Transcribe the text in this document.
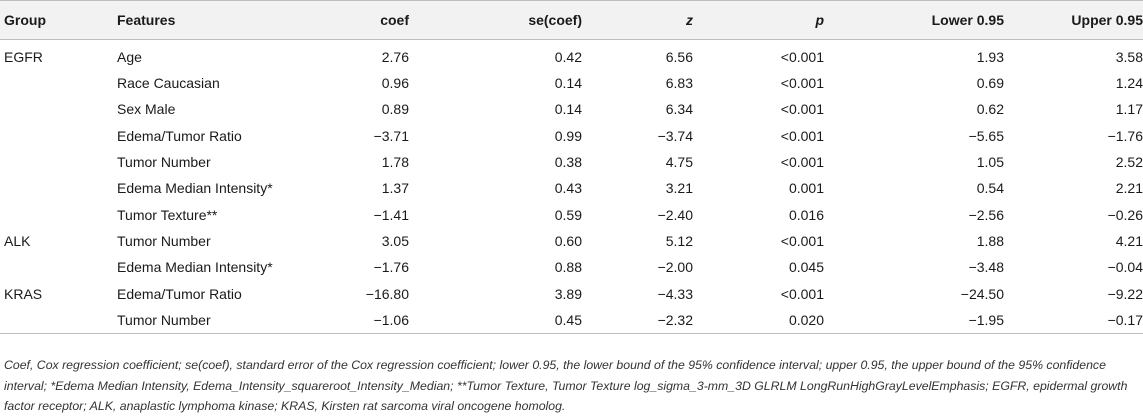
Group	Features	coef	se(coef)	z	p	Lower 0.95	Upper 0.95
EGFR	Age	2.76	0.42	6.56	<0.001	1.93	3.58
	Race Caucasian	0.96	0.14	6.83	<0.001	0.69	1.24
	Sex Male	0.89	0.14	6.34	<0.001	0.62	1.17
	Edema/Tumor Ratio	−3.71	0.99	−3.74	<0.001	−5.65	−1.76
	Tumor Number	1.78	0.38	4.75	<0.001	1.05	2.52
	Edema Median Intensity*	1.37	0.43	3.21	0.001	0.54	2.21
	Tumor Texture**	−1.41	0.59	−2.40	0.016	−2.56	−0.26
ALK	Tumor Number	3.05	0.60	5.12	<0.001	1.88	4.21
	Edema Median Intensity*	−1.76	0.88	−2.00	0.045	−3.48	−0.04
KRAS	Edema/Tumor Ratio	−16.80	3.89	−4.33	<0.001	−24.50	−9.22
	Tumor Number	−1.06	0.45	−2.32	0.020	−1.95	−0.17
Coef, Cox regression coefficient; se(coef), standard error of the Cox regression coefficient; lower 0.95, the lower bound of the 95% confidence interval; upper 0.95, the upper bound of the 95% confidence interval; *Edema Median Intensity, Edema_Intensity_squareroot_Intensity_Median; **Tumor Texture, Tumor Texture log_sigma_3-mm_3D GLRLM LongRunHighGrayLevelEmphasis; EGFR, epidermal growth factor receptor; ALK, anaplastic lymphoma kinase; KRAS, Kirsten rat sarcoma viral oncogene homolog.
